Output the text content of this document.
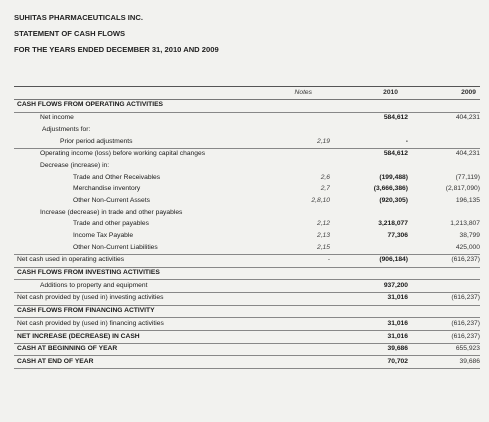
SUHITAS PHARMACEUTICALS INC.
STATEMENT OF CASH FLOWS
FOR THE YEARS ENDED DECEMBER 31, 2010 AND 2009
	Notes	2010	2009
CASH FLOWS FROM OPERATING ACTIVITIES			
Net income		584,612	404,231
Adjustments for:			
Prior period adjustments	2,19	-	
Operating income (loss) before working capital changes		584,612	404,231
Decrease (increase) in:			
Trade and Other Receivables	2,6	(199,488)	(77,119)
Merchandise inventory	2,7	(3,666,386)	(2,817,090)
Other Non-Current Assets	2,8,10	(920,305)	196,135
Increase (decrease) in trade and other payables			
Trade and other payables	2,12	3,218,077	1,213,807
Income Tax Payable	2,13	77,306	38,799
Other Non-Current Liabilities	2,15		425,000
Net cash used in operating activities	-	(906,184)	(616,237)
CASH FLOWS FROM INVESTING ACTIVITIES			
Additions to property and equipment		937,200	
Net cash provided by (used in) investing activities		31,016	(616,237)
CASH FLOWS FROM FINANCING ACTIVITY			
Net cash provided by (used in) financing activities		31,016	(616,237)
NET INCREASE (DECREASE) IN CASH		31,016	(616,237)
CASH AT BEGINNING OF YEAR		39,686	655,923
CASH AT END OF YEAR		70,702	39,686
